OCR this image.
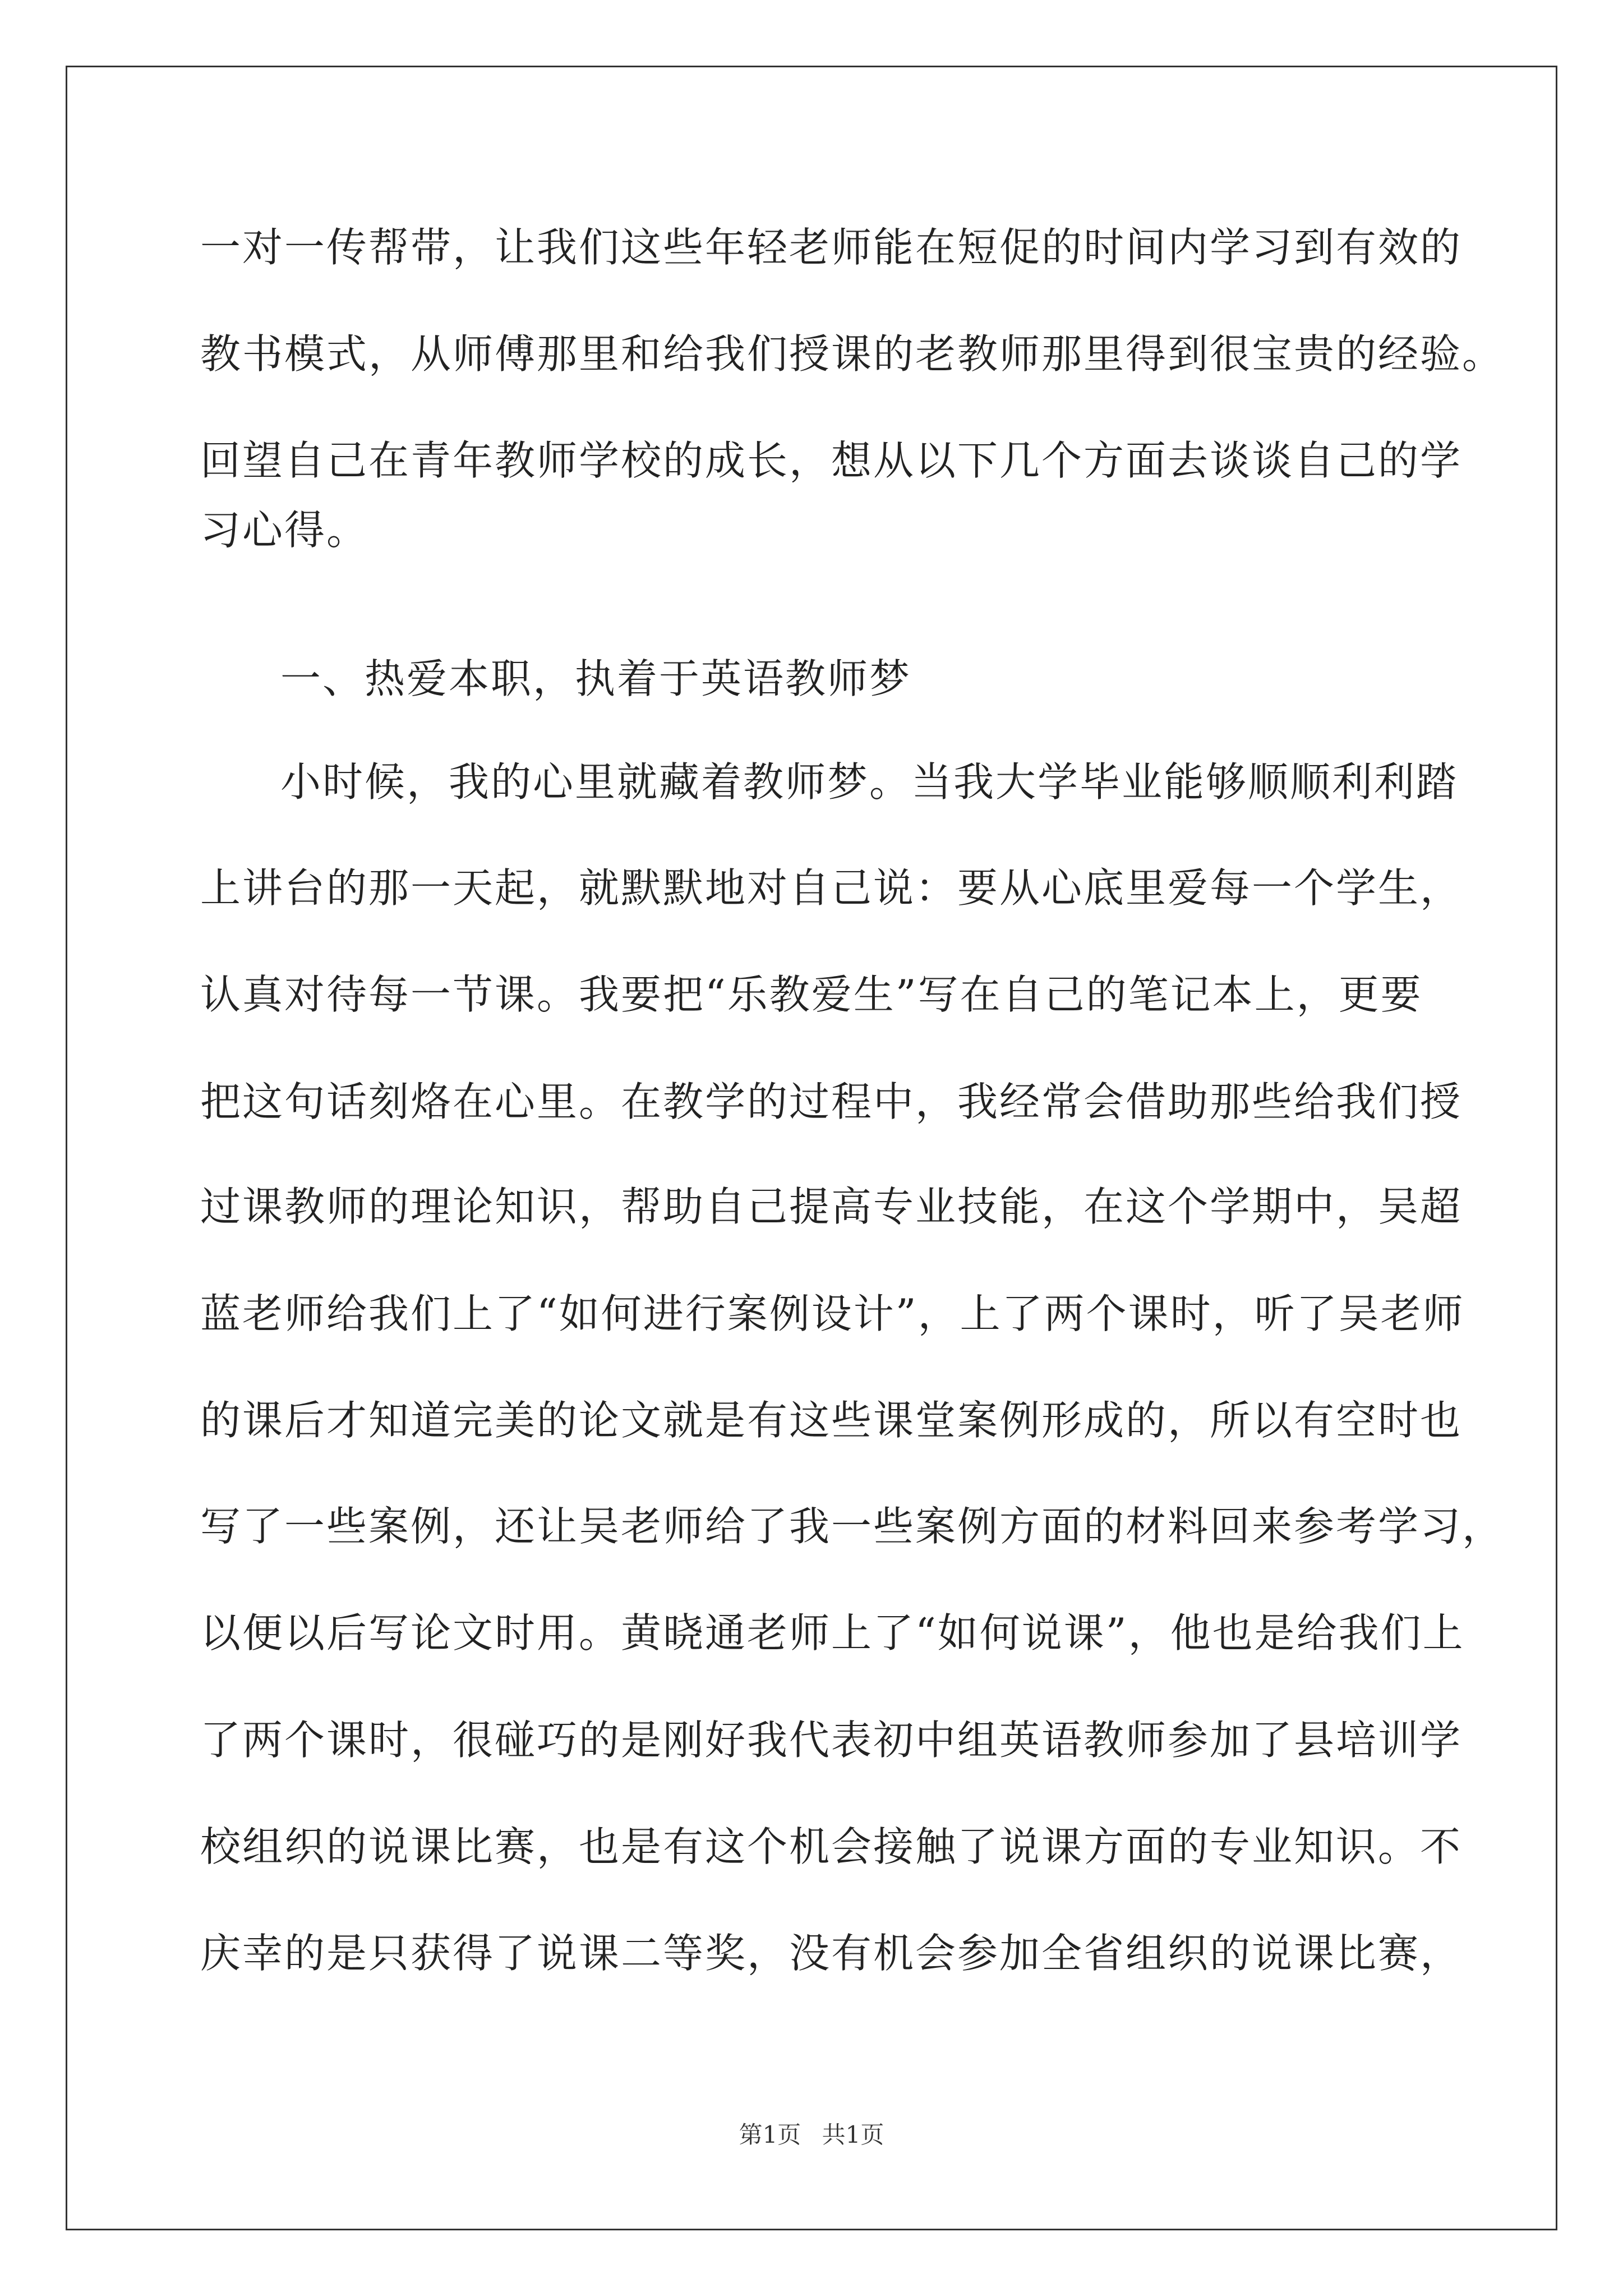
一对一传帮带，让我们这些年轻老师能在短促的时间内学习到有效的
教书模式，从师傅那里和给我们授课的老教师那里得到很宝贵的经验。
回望自己在青年教师学校的成长，想从以下几个方面去谈谈自己的学
习心得。
一、热爱本职，执着于英语教师梦
小时候，我的心里就藏着教师梦。当我大学毕业能够顺顺利利踏
上讲台的那一天起，就默默地对自己说：要从心底里爱每一个学生，
认真对待每一节课。我要把“乐教爱生”写在自己的笔记本上，更要
把这句话刻烙在心里。在教学的过程中，我经常会借助那些给我们授
过课教师的理论知识，帮助自己提高专业技能，在这个学期中，吴超
蓝老师给我们上了“如何进行案例设计”，上了两个课时，听了吴老师
的课后才知道完美的论文就是有这些课堂案例形成的，所以有空时也
写了一些案例，还让吴老师给了我一些案例方面的材料回来参考学习，
以便以后写论文时用。黄晓通老师上了“如何说课”，他也是给我们上
了两个课时，很碰巧的是刚好我代表初中组英语教师参加了县培训学
校组织的说课比赛，也是有这个机会接触了说课方面的专业知识。不
庆幸的是只获得了说课二等奖，没有机会参加全省组织的说课比赛，
第1页 共1页
